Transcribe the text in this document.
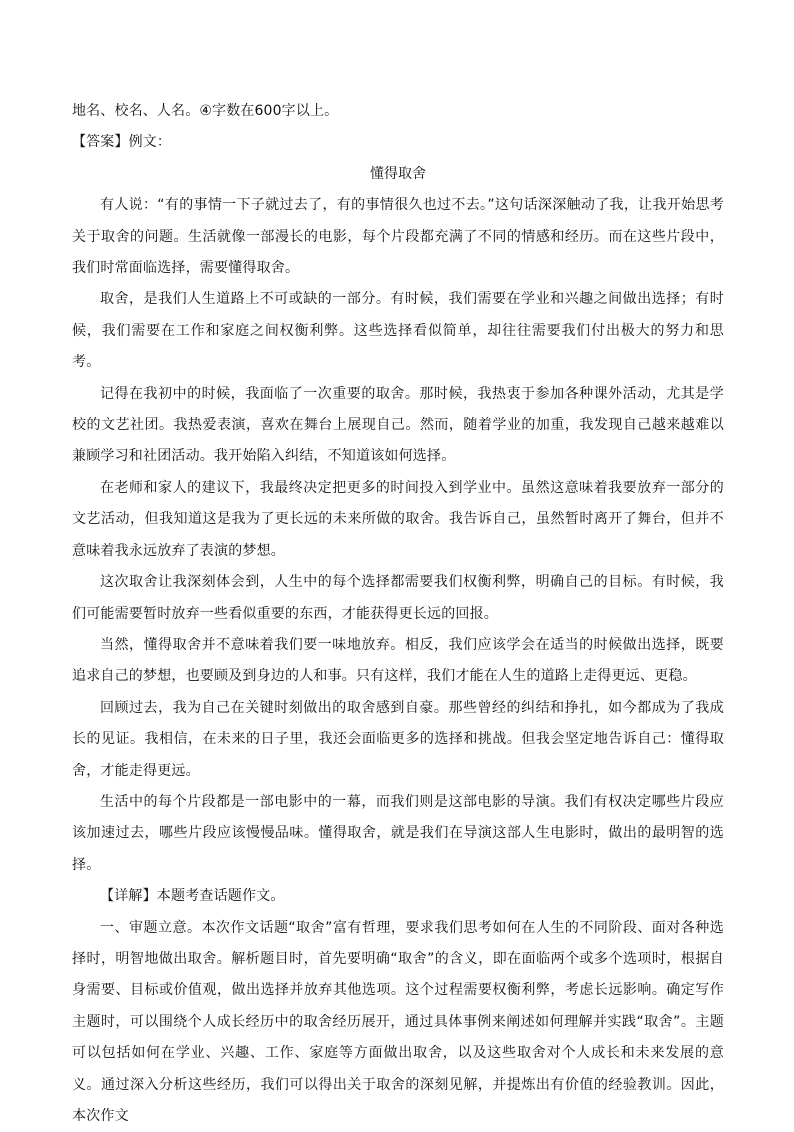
地名、校名、人名。④字数在600字以上。

【答案】例文：

懂得取舍

有人说：“有的事情一下子就过去了，有的事情很久也过不去。”这句话深深触动了我，让我开始思考关于取舍的问题。生活就像一部漫长的电影，每个片段都充满了不同的情感和经历。而在这些片段中，我们时常面临选择，需要懂得取舍。

取舍，是我们人生道路上不可或缺的一部分。有时候，我们需要在学业和兴趣之间做出选择；有时候，我们需要在工作和家庭之间权衡利弊。这些选择看似简单，却往往需要我们付出极大的努力和思考。

记得在我初中的时候，我面临了一次重要的取舍。那时候，我热衷于参加各种课外活动，尤其是学校的文艺社团。我热爱表演，喜欢在舞台上展现自己。然而，随着学业的加重，我发现自己越来越难以兼顾学习和社团活动。我开始陷入纠结，不知道该如何选择。

在老师和家人的建议下，我最终决定把更多的时间投入到学业中。虽然这意味着我要放弃一部分的文艺活动，但我知道这是我为了更长远的未来所做的取舍。我告诉自己，虽然暂时离开了舞台，但并不意味着我永远放弃了表演的梦想。

这次取舍让我深刻体会到，人生中的每个选择都需要我们权衡利弊，明确自己的目标。有时候，我们可能需要暂时放弃一些看似重要的东西，才能获得更长远的回报。

当然，懂得取舍并不意味着我们要一味地放弃。相反，我们应该学会在适当的时候做出选择，既要追求自己的梦想，也要顾及到身边的人和事。只有这样，我们才能在人生的道路上走得更远、更稳。

回顾过去，我为自己在关键时刻做出的取舍感到自豪。那些曾经的纠结和挣扎，如今都成为了我成长的见证。我相信，在未来的日子里，我还会面临更多的选择和挑战。但我会坚定地告诉自己：懂得取舍，才能走得更远。

生活中的每个片段都是一部电影中的一幕，而我们则是这部电影的导演。我们有权决定哪些片段应该加速过去，哪些片段应该慢慢品味。懂得取舍，就是我们在导演这部人生电影时，做出的最明智的选择。

【详解】本题考查话题作文。

一、审题立意。本次作文话题“取舍”富有哲理，要求我们思考如何在人生的不同阶段、面对各种选择时，明智地做出取舍。解析题目时，首先要明确“取舍”的含义，即在面临两个或多个选项时，根据自身需要、目标或价值观，做出选择并放弃其他选项。这个过程需要权衡利弊，考虑长远影响。确定写作主题时，可以围绕个人成长经历中的取舍经历展开，通过具体事例来阐述如何理解并实践“取舍”。主题可以包括如何在学业、兴趣、工作、家庭等方面做出取舍，以及这些取舍对个人成长和未来发展的意义。通过深入分析这些经历，我们可以得出关于取舍的深刻见解，并提炼出有价值的经验教训。因此，本次作文
